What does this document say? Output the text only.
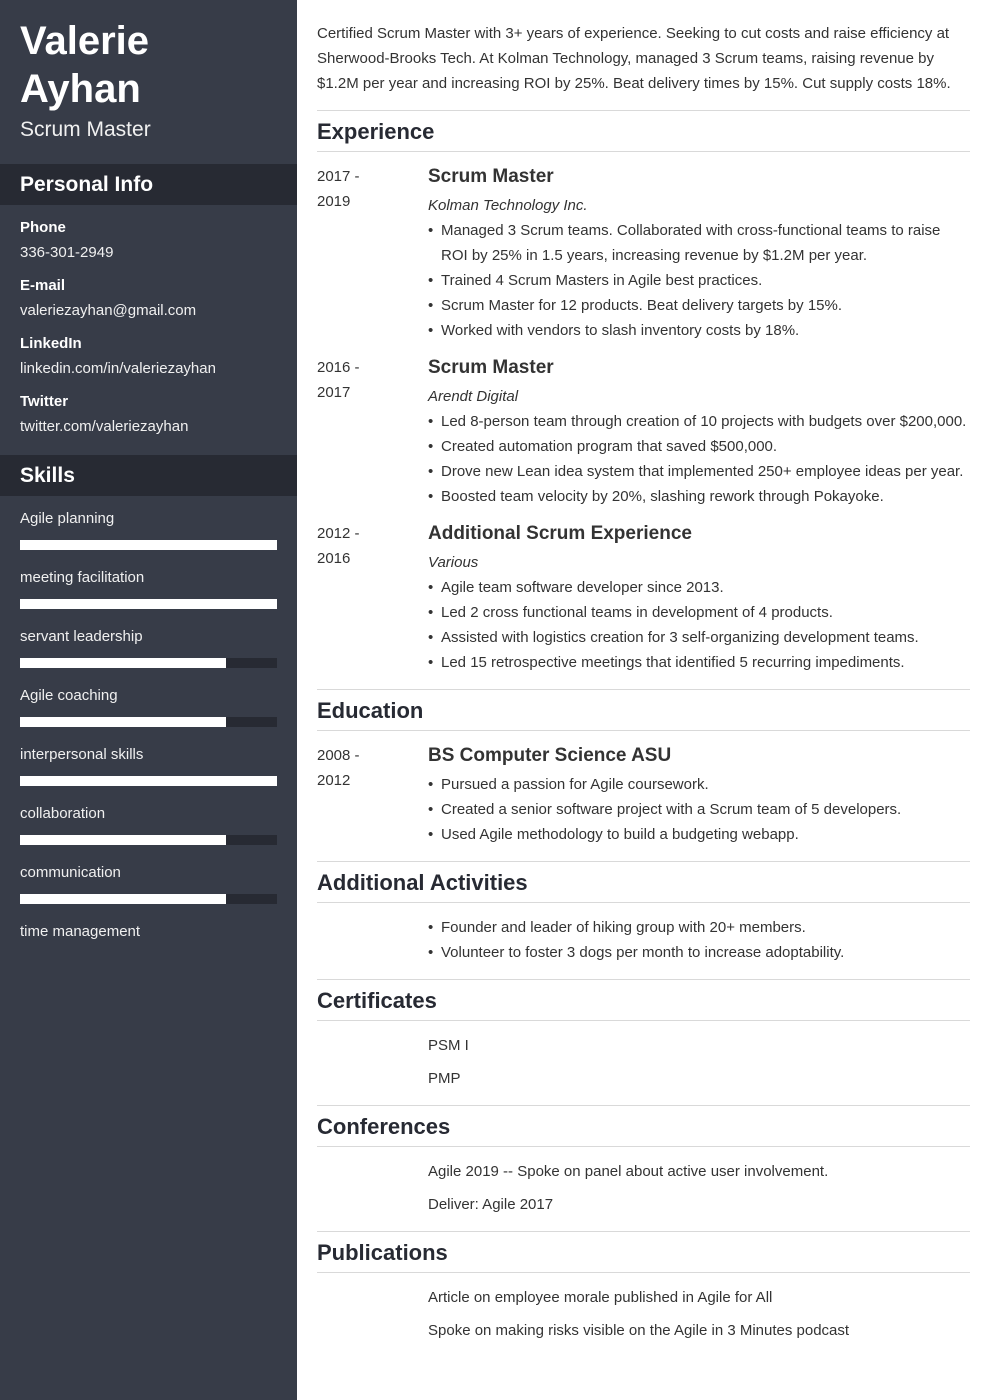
Valerie
Ayhan
Scrum Master
Personal Info
Phone
336-301-2949
E-mail
valeriezayhan@gmail.com
LinkedIn
linkedin.com/in/valeriezayhan
Twitter
twitter.com/valeriezayhan
Skills
Agile planning
meeting facilitation
servant leadership
Agile coaching
interpersonal skills
collaboration
communication
time management

Certified Scrum Master with 3+ years of experience. Seeking to cut costs and raise efficiency at Sherwood-Brooks Tech. At Kolman Technology, managed 3 Scrum teams, raising revenue by $1.2M per year and increasing ROI by 25%. Beat delivery times by 15%. Cut supply costs 18%.

Experience
2017 -
2019
Scrum Master
Kolman Technology Inc.
• Managed 3 Scrum teams. Collaborated with cross-functional teams to raise ROI by 25% in 1.5 years, increasing revenue by $1.2M per year.
• Trained 4 Scrum Masters in Agile best practices.
• Scrum Master for 12 products. Beat delivery targets by 15%.
• Worked with vendors to slash inventory costs by 18%.
2016 -
2017
Scrum Master
Arendt Digital
• Led 8-person team through creation of 10 projects with budgets over $200,000.
• Created automation program that saved $500,000.
• Drove new Lean idea system that implemented 250+ employee ideas per year.
• Boosted team velocity by 20%, slashing rework through Pokayoke.
2012 -
2016
Additional Scrum Experience
Various
• Agile team software developer since 2013.
• Led 2 cross functional teams in development of 4 products.
• Assisted with logistics creation for 3 self-organizing development teams.
• Led 15 retrospective meetings that identified 5 recurring impediments.
Education
2008 -
2012
BS Computer Science ASU
• Pursued a passion for Agile coursework.
• Created a senior software project with a Scrum team of 5 developers.
• Used Agile methodology to build a budgeting webapp.
Additional Activities
• Founder and leader of hiking group with 20+ members.
• Volunteer to foster 3 dogs per month to increase adoptability.
Certificates
PSM I
PMP
Conferences
Agile 2019 -- Spoke on panel about active user involvement.
Deliver: Agile 2017
Publications
Article on employee morale published in Agile for All
Spoke on making risks visible on the Agile in 3 Minutes podcast
